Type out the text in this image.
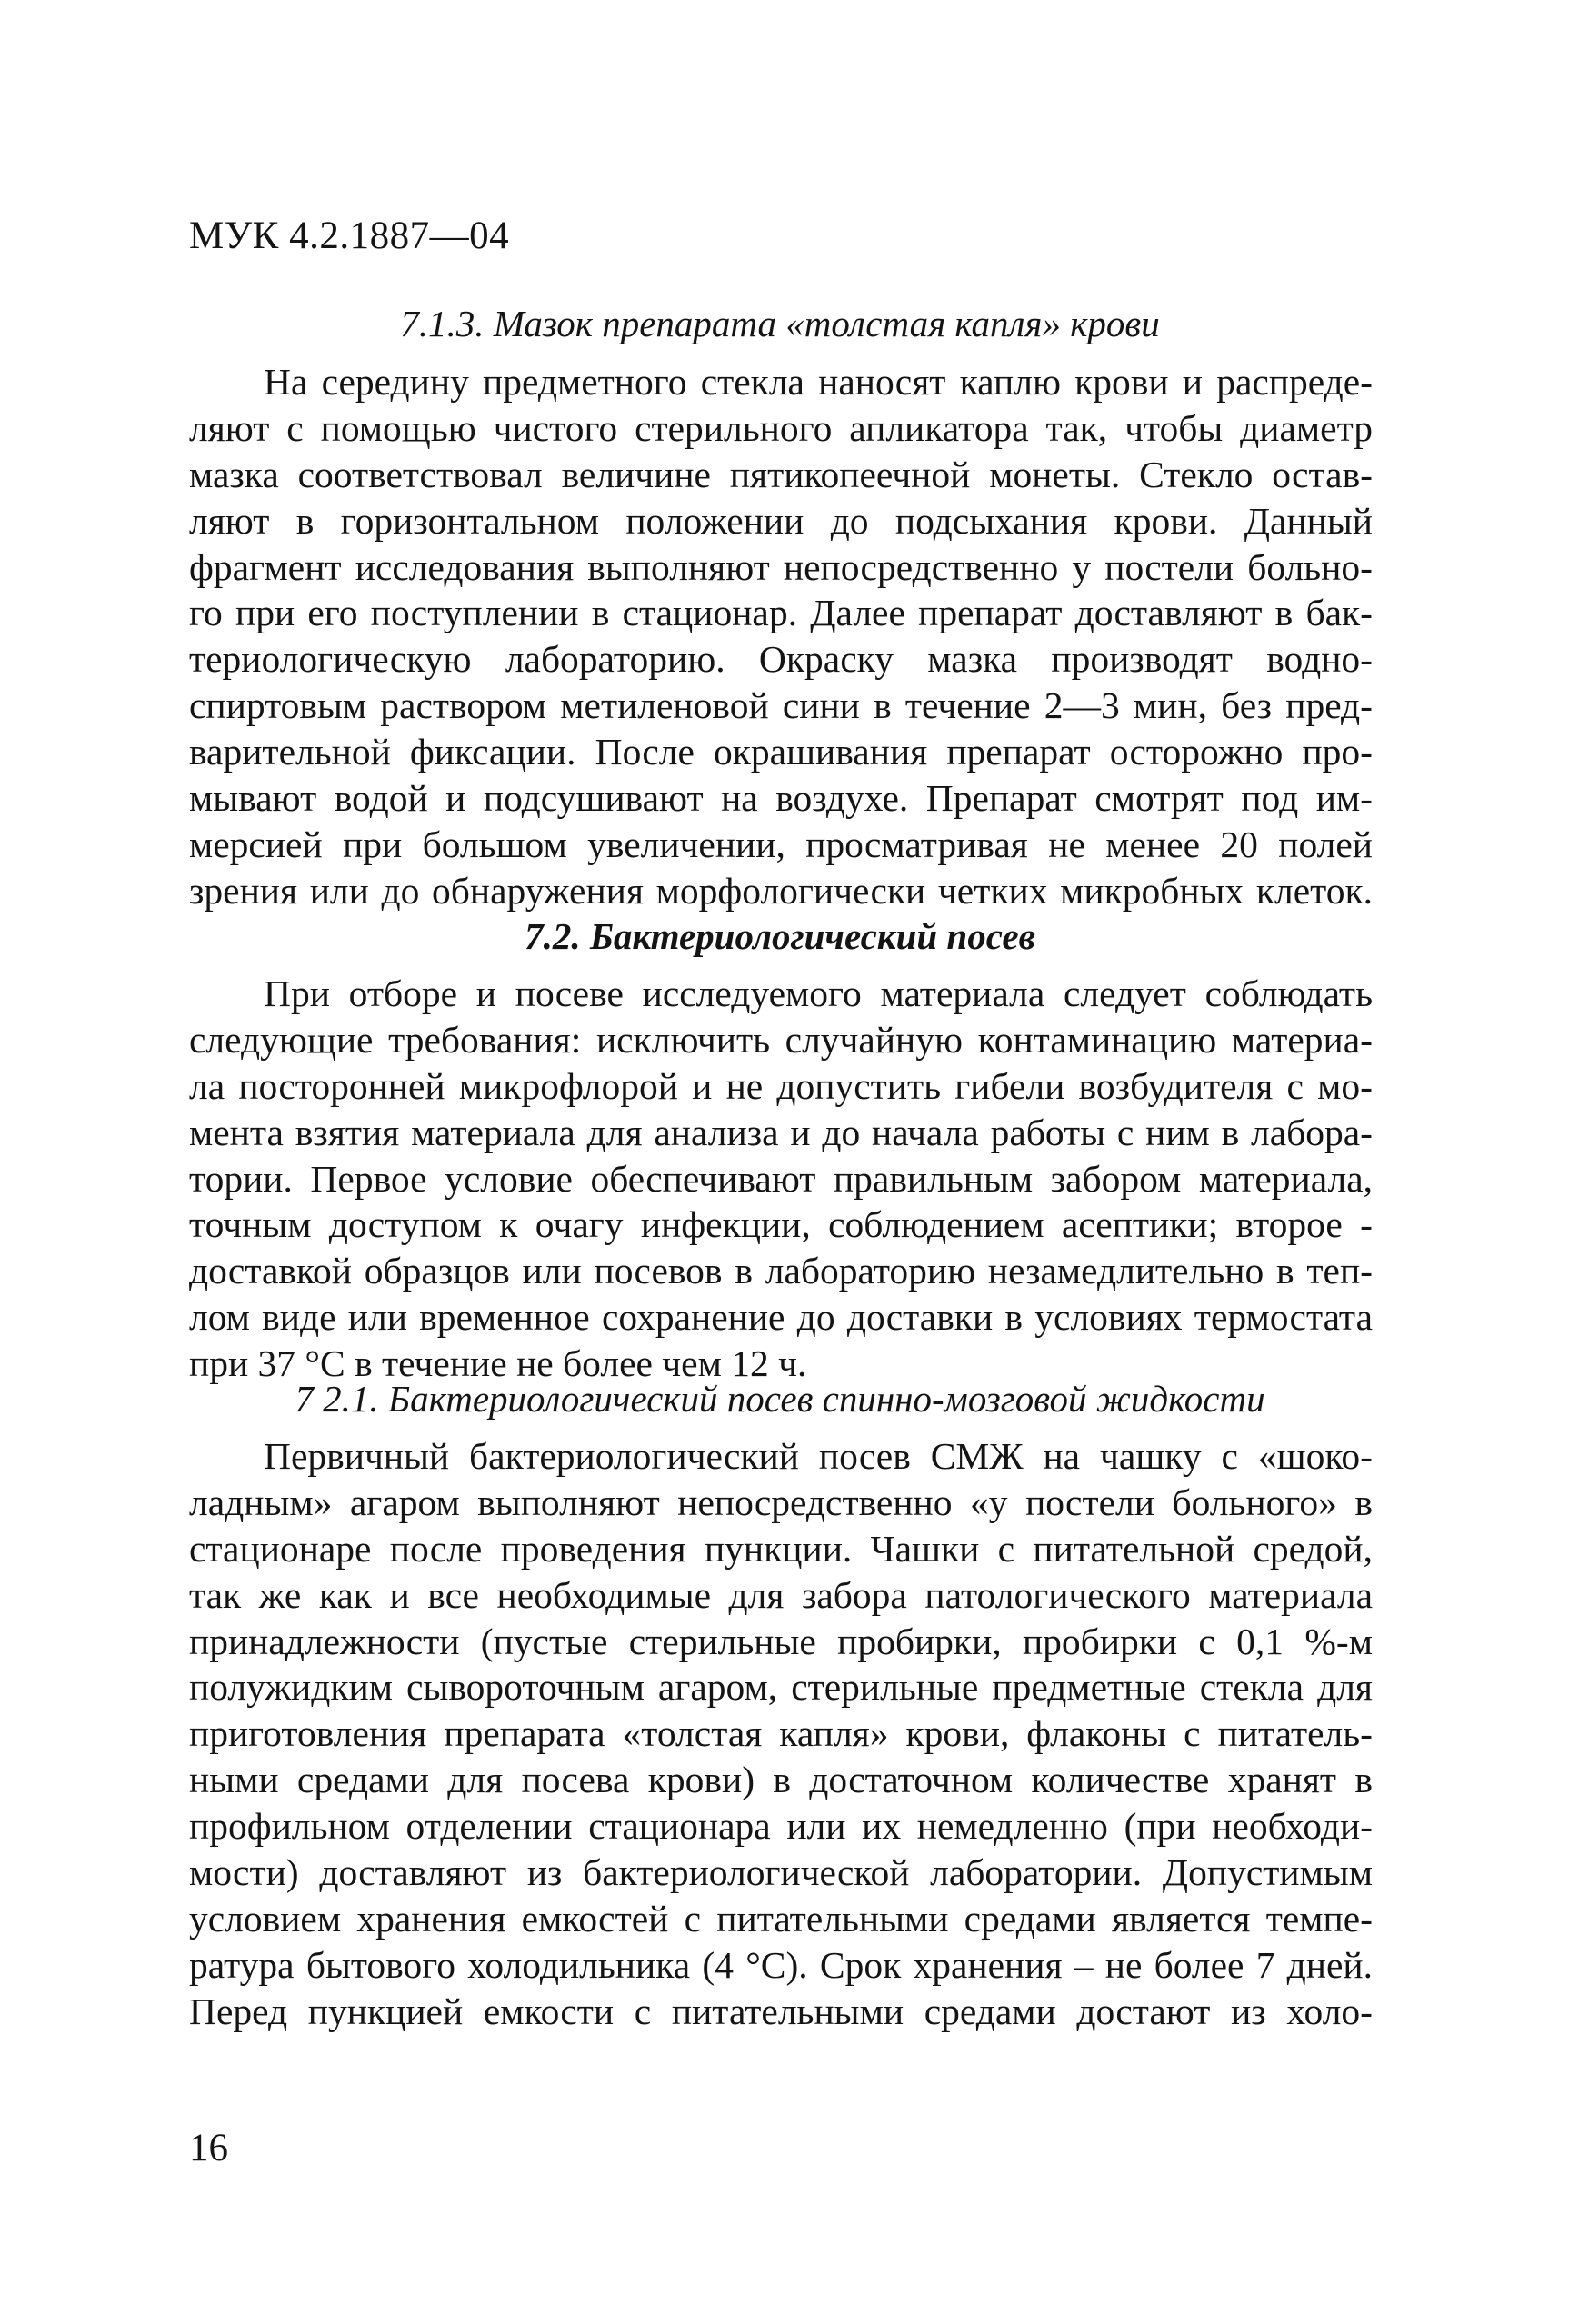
МУК 4.2.1887—04
7.1.3. Мазок препарата «толстая капля» крови
На середину предметного стекла наносят каплю крови и распреде-
ляют с помощью чистого стерильного апликатора так, чтобы диаметр
мазка соответствовал величине пятикопеечной монеты. Стекло остав-
ляют в горизонтальном положении до подсыхания крови. Данный
фрагмент исследования выполняют непосредственно у постели больно-
го при его поступлении в стационар. Далее препарат доставляют в бак-
териологическую лабораторию. Окраску мазка производят водно-
спиртовым раствором метиленовой сини в течение 2—3 мин, без пред-
варительной фиксации. После окрашивания препарат осторожно про-
мывают водой и подсушивают на воздухе. Препарат смотрят под им-
мерсией при большом увеличении, просматривая не менее 20 полей
зрения или до обнаружения морфологически четких микробных клеток.
7.2. Бактериологический посев
При отборе и посеве исследуемого материала следует соблюдать
следующие требования: исключить случайную контаминацию материа-
ла посторонней микрофлорой и не допустить гибели возбудителя с мо-
мента взятия материала для анализа и до начала работы с ним в лабора-
тории. Первое условие обеспечивают правильным забором материала,
точным доступом к очагу инфекции, соблюдением асептики; второе -
доставкой образцов или посевов в лабораторию незамедлительно в теп-
лом виде или временное сохранение до доставки в условиях термостата
при 37 °С в течение не более чем 12 ч.
7 2.1. Бактериологический посев спинно-мозговой жидкости
Первичный бактериологический посев СМЖ на чашку с «шоко-
ладным» агаром выполняют непосредственно «у постели больного» в
стационаре после проведения пункции. Чашки с питательной средой,
так же как и все необходимые для забора патологического материала
принадлежности (пустые стерильные пробирки, пробирки с 0,1 %-м
полужидким сывороточным агаром, стерильные предметные стекла для
приготовления препарата «толстая капля» крови, флаконы с питатель-
ными средами для посева крови) в достаточном количестве хранят в
профильном отделении стационара или их немедленно (при необходи-
мости) доставляют из бактериологической лаборатории. Допустимым
условием хранения емкостей с питательными средами является темпе-
ратура бытового холодильника (4 °С). Срок хранения – не более 7 дней.
Перед пункцией емкости с питательными средами достают из холо-
16
